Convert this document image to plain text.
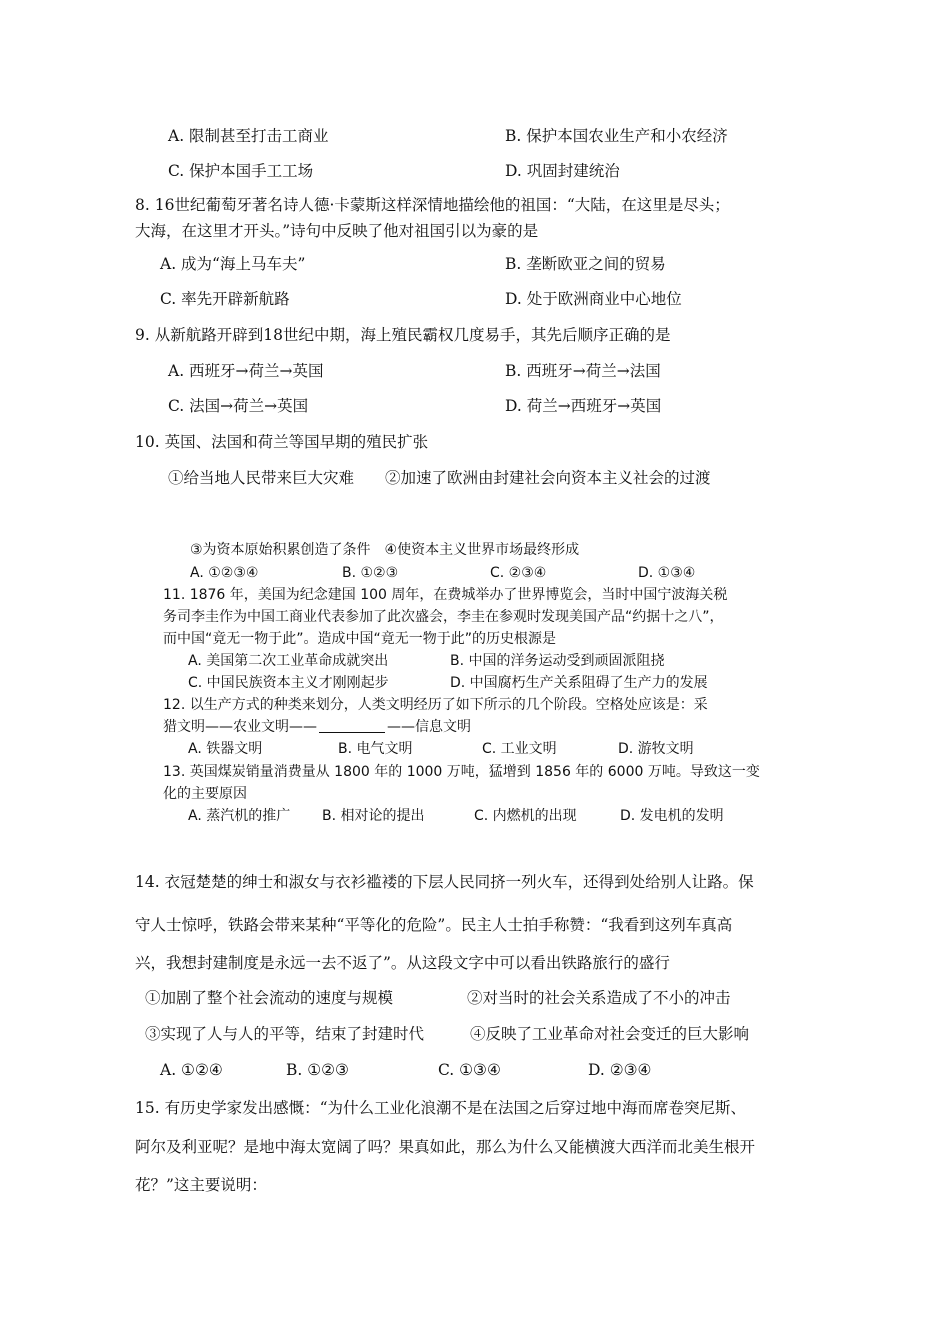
A. 限制甚至打击工商业	B. 保护本国农业生产和小农经济
C. 保护本国手工工场	D. 巩固封建统治
8. 16世纪葡萄牙著名诗人德·卡蒙斯这样深情地描绘他的祖国：“大陆，在这里是尽头；
大海，在这里才开头。”诗句中反映了他对祖国引以为豪的是
A. 成为“海上马车夫”	B. 垄断欧亚之间的贸易
C. 率先开辟新航路	D. 处于欧洲商业中心地位
9. 从新航路开辟到18世纪中期，海上殖民霸权几度易手，其先后顺序正确的是
A. 西班牙→荷兰→英国	B. 西班牙→荷兰→法国
C. 法国→荷兰→英国	D. 荷兰→西班牙→英国
10. 英国、法国和荷兰等国早期的殖民扩张
①给当地人民带来巨大灾难　　②加速了欧洲由封建社会向资本主义社会的过渡
③为资本原始积累创造了条件　④使资本主义世界市场最终形成
A. ①②③④	B. ①②③	C. ②③④	D. ①③④
11. 1876 年，美国为纪念建国 100 周年，在费城举办了世界博览会，当时中国宁波海关税
务司李圭作为中国工商业代表参加了此次盛会，李圭在参观时发现美国产品“约据十之八”，
而中国“竟无一物于此”。造成中国“竟无一物于此”的历史根源是
A. 美国第二次工业革命成就突出	B. 中国的洋务运动受到顽固派阻挠
C. 中国民族资本主义才刚刚起步	D. 中国腐朽生产关系阻碍了生产力的发展
12. 以生产方式的种类来划分，人类文明经历了如下所示的几个阶段。空格处应该是：采
猎文明——农业文明——	——信息文明
A. 铁器文明	B. 电气文明	C. 工业文明	D. 游牧文明
13. 英国煤炭销量消费量从 1800 年的 1000 万吨，猛增到 1856 年的 6000 万吨。导致这一变
化的主要原因
A. 蒸汽机的推广 B. 相对论的提出	C. 内燃机的出现	D. 发电机的发明
14. 衣冠楚楚的绅士和淑女与衣衫褴褛的下层人民同挤一列火车，还得到处给别人让路。保
守人士惊呼，铁路会带来某种“平等化的危险”。民主人士拍手称赞：“我看到这列车真高
兴，我想封建制度是永远一去不返了”。从这段文字中可以看出铁路旅行的盛行
①加剧了整个社会流动的速度与规模	②对当时的社会关系造成了不小的冲击
③实现了人与人的平等，结束了封建时代	④反映了工业革命对社会变迁的巨大影响
A. ①②④	B. ①②③	C. ①③④	D. ②③④
15. 有历史学家发出感慨：“为什么工业化浪潮不是在法国之后穿过地中海而席卷突尼斯、
阿尔及利亚呢？是地中海太宽阔了吗？果真如此，那么为什么又能横渡大西洋而北美生根开
花？”这主要说明：
